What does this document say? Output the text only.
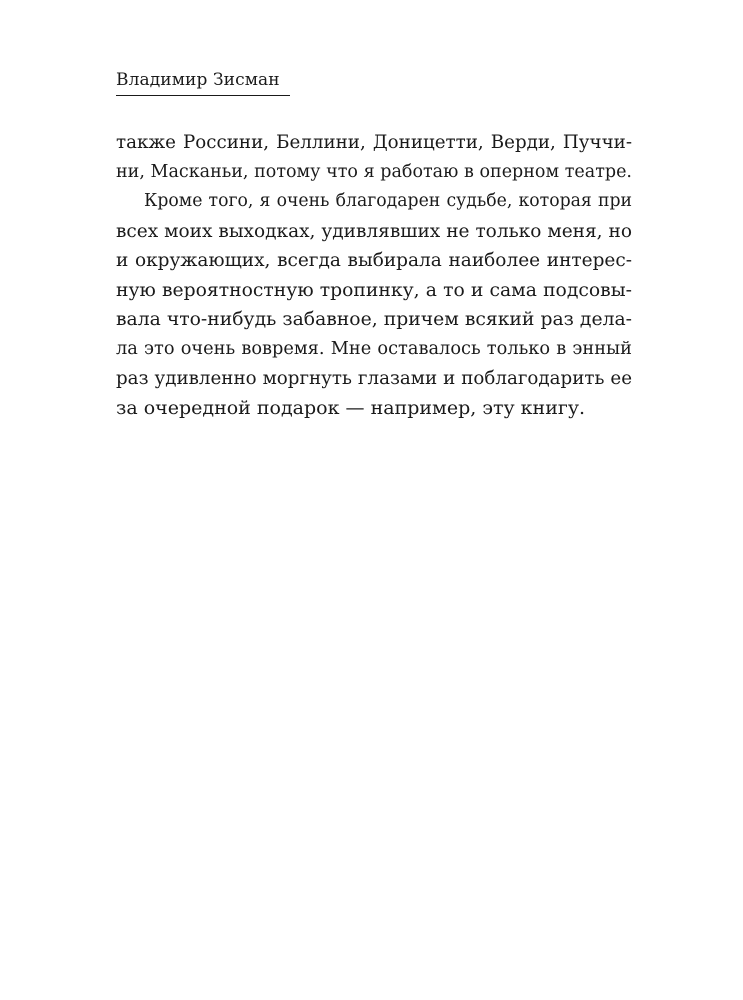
Владимир Зисман
также Россини, Беллини, Доницетти, Верди, Пуччи-
ни, Масканьи, потому что я работаю в оперном театре.
Кроме того, я очень благодарен судьбе, которая при
всех моих выходках, удивлявших не только меня, но
и окружающих, всегда выбирала наиболее интерес-
ную вероятностную тропинку, а то и сама подсовы-
вала что-нибудь забавное, причем всякий раз дела-
ла это очень вовремя. Мне оставалось только в энный
раз удивленно моргнуть глазами и поблагодарить ее
за очередной подарок — например, эту книгу.
